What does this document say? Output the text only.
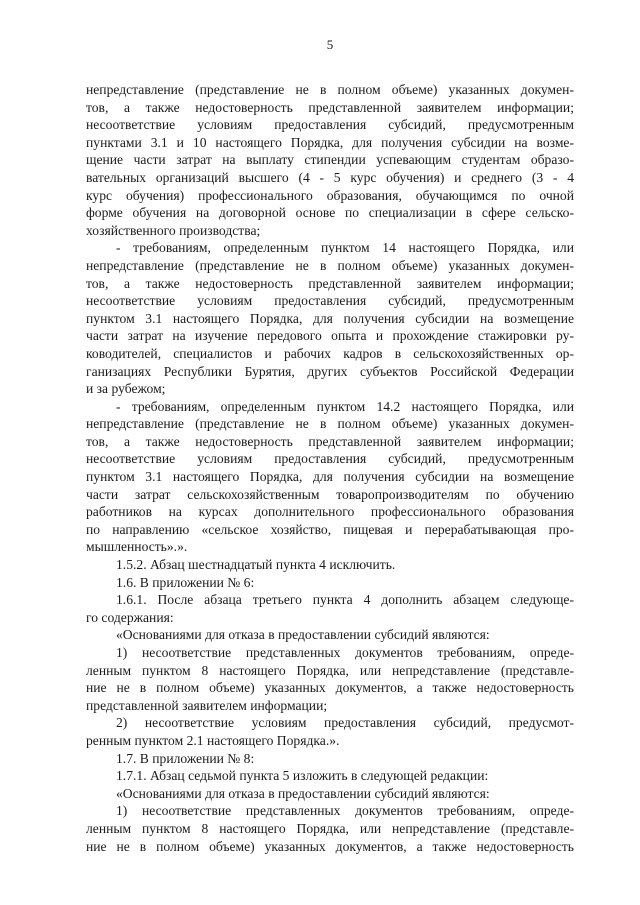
5
непредставление (представление не в полном объеме) указанных докумен-
тов, а также недостоверность представленной заявителем информации;
несоответствие условиям предоставления субсидий, предусмотренным
пунктами 3.1 и 10 настоящего Порядка, для получения субсидии на возме-
щение части затрат на выплату стипендии успевающим студентам образо-
вательных организаций высшего (4 - 5 курс обучения) и среднего (3 - 4
курс обучения) профессионального образования, обучающимся по очной
форме обучения на договорной основе по специализации в сфере сельско-
хозяйственного производства;
- требованиям, определенным пунктом 14 настоящего Порядка, или
непредставление (представление не в полном объеме) указанных докумен-
тов, а также недостоверность представленной заявителем информации;
несоответствие условиям предоставления субсидий, предусмотренным
пунктом 3.1 настоящего Порядка, для получения субсидии на возмещение
части затрат на изучение передового опыта и прохождение стажировки ру-
ководителей, специалистов и рабочих кадров в сельскохозяйственных ор-
ганизациях Республики Бурятия, других субъектов Российской Федерации
и за рубежом;
- требованиям, определенным пунктом 14.2 настоящего Порядка, или
непредставление (представление не в полном объеме) указанных докумен-
тов, а также недостоверность представленной заявителем информации;
несоответствие условиям предоставления субсидий, предусмотренным
пунктом 3.1 настоящего Порядка, для получения субсидии на возмещение
части затрат сельскохозяйственным товаропроизводителям по обучению
работников на курсах дополнительного профессионального образования
по направлению «сельское хозяйство, пищевая и перерабатывающая про-
мышленность».».
1.5.2. Абзац шестнадцатый пункта 4 исключить.
1.6. В приложении № 6:
1.6.1. После абзаца третьего пункта 4 дополнить абзацем следующе-
го содержания:
«Основаниями для отказа в предоставлении субсидий являются:
1) несоответствие представленных документов требованиям, опреде-
ленным пунктом 8 настоящего Порядка, или непредставление (представле-
ние не в полном объеме) указанных документов, а также недостоверность
представленной заявителем информации;
2) несоответствие условиям предоставления субсидий, предусмот-
ренным пунктом 2.1 настоящего Порядка.».
1.7. В приложении № 8:
1.7.1. Абзац седьмой пункта 5 изложить в следующей редакции:
«Основаниями для отказа в предоставлении субсидий являются:
1) несоответствие представленных документов требованиям, опреде-
ленным пунктом 8 настоящего Порядка, или непредставление (представле-
ние не в полном объеме) указанных документов, а также недостоверность
